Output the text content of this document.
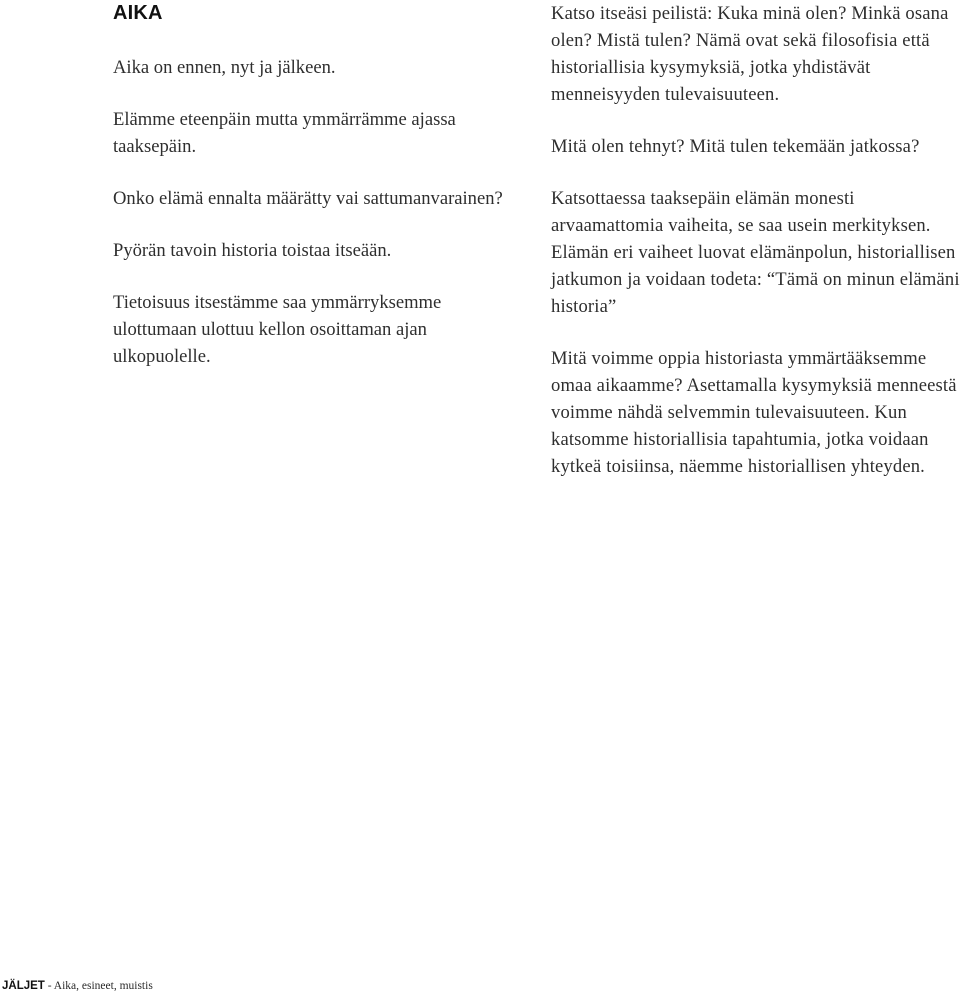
AIKA

Aika on ennen, nyt ja jälkeen.

Elämme eteenpäin mutta ymmärrämme ajassa taaksepäin.

Onko elämä ennalta määrätty vai sattumanvarainen?

Pyörän tavoin historia toistaa itseään.

Tietoisuus itsestämme saa ymmärryksemme ulottumaan ulottuu kellon osoittaman ajan ulkopuolelle.

Katso itseäsi peilistä: Kuka minä olen? Minkä osana olen? Mistä tulen? Nämä ovat sekä filosofisia että historiallisia kysymyksiä, jotka yhdistävät menneisyyden tulevaisuuteen.

Mitä olen tehnyt? Mitä tulen tekemään jatkossa?

Katsottaessa taaksepäin elämän monesti arvaamattomia vaiheita, se saa usein merkityksen. Elämän eri vaiheet luovat elämänpolun, historiallisen jatkumon ja voidaan todeta: “Tämä on minun elämäni historia”

Mitä voimme oppia historiasta ymmärtääksemme omaa aikaamme? Asettamalla kysymyksiä menneestä voimme nähdä selvemmin tulevaisuuteen. Kun katsomme historiallisia tapahtumia, jotka voidaan kytkeä toisiinsa, näemme historiallisen yhteyden.

JÄLJET - Aika, esineet, muistis
